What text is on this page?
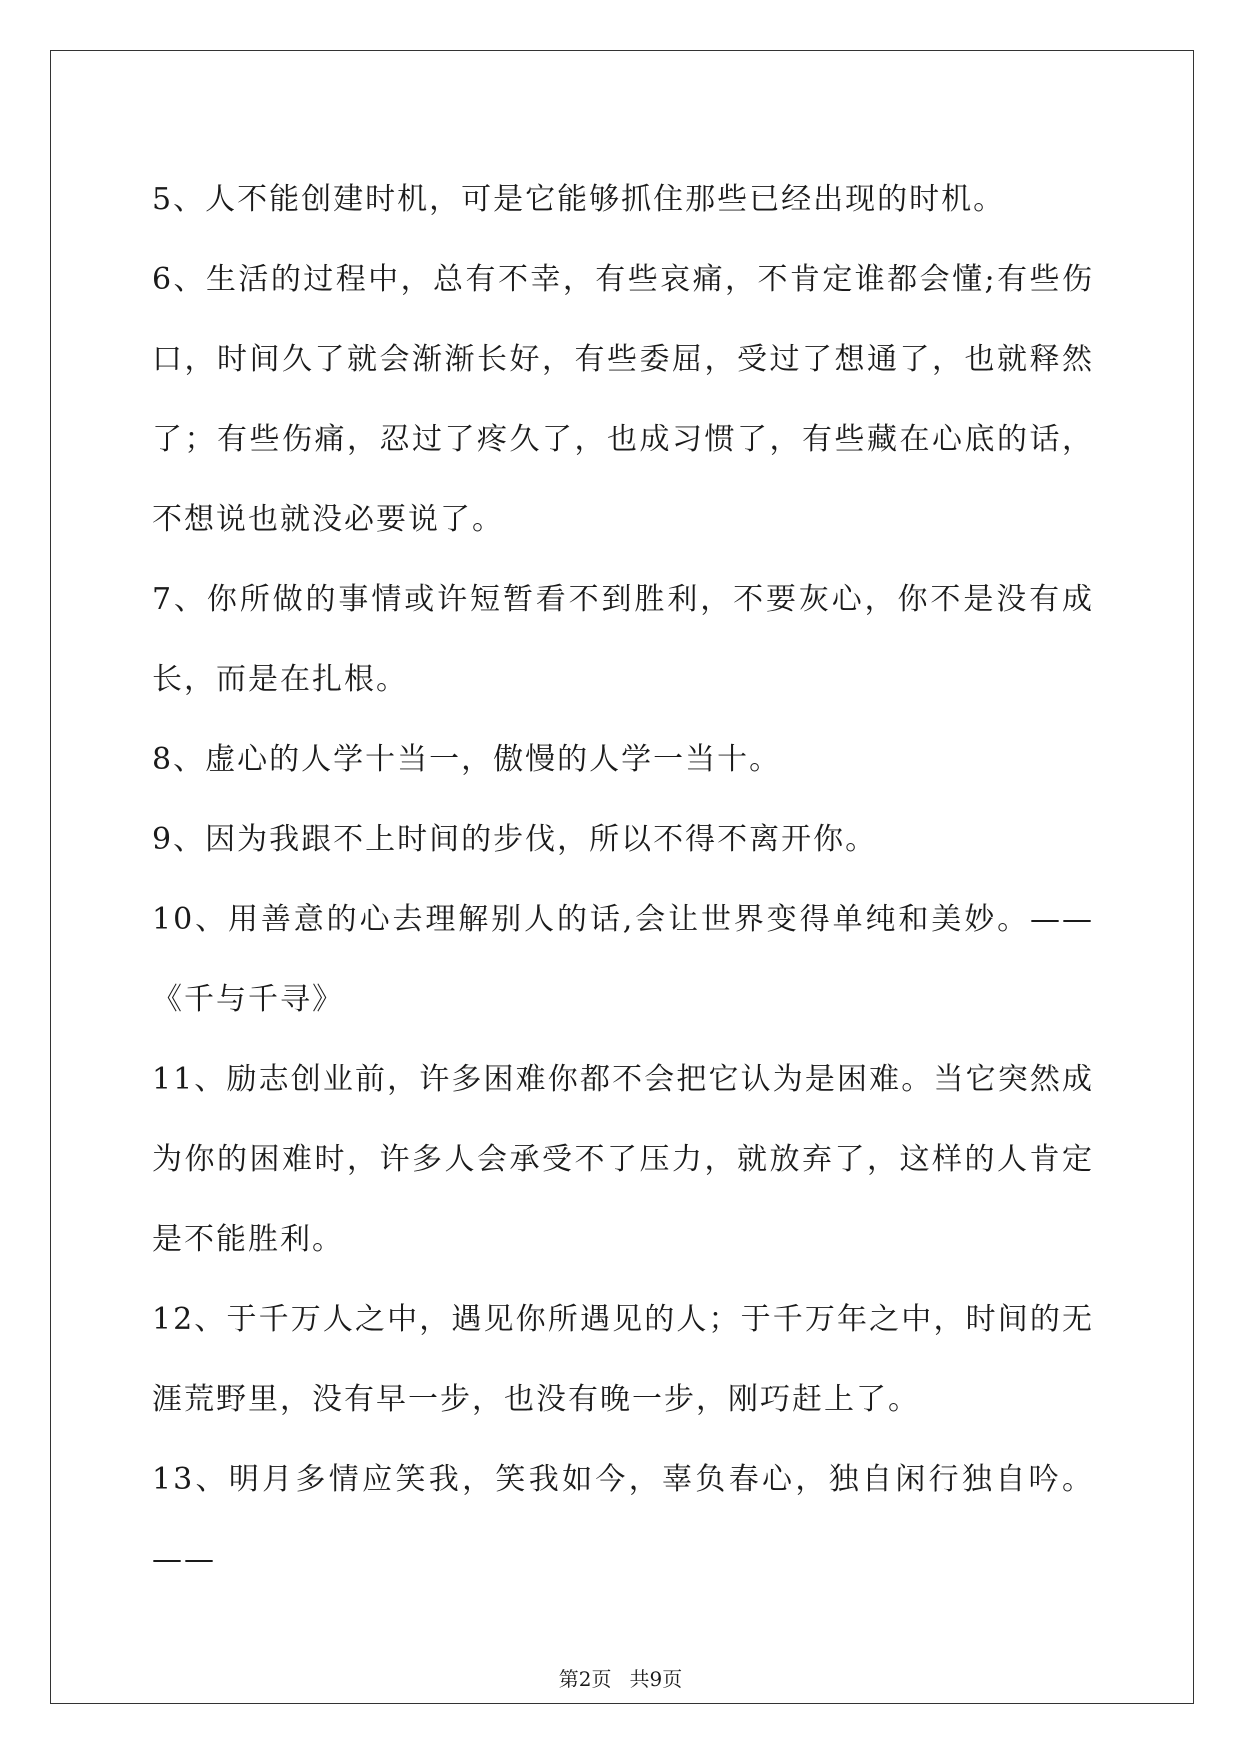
5、人不能创建时机，可是它能够抓住那些已经出现的时机。

6、生活的过程中，总有不幸，有些哀痛，不肯定谁都会懂;有些伤口，时间久了就会渐渐长好，有些委屈，受过了想通了，也就释然了；有些伤痛，忍过了疼久了，也成习惯了，有些藏在心底的话，不想说也就没必要说了。

7、你所做的事情或许短暂看不到胜利，不要灰心，你不是没有成长，而是在扎根。

8、虚心的人学十当一，傲慢的人学一当十。

9、因为我跟不上时间的步伐，所以不得不离开你。

10、用善意的心去理解别人的话,会让世界变得单纯和美妙。——《千与千寻》

11、励志创业前，许多困难你都不会把它认为是困难。当它突然成为你的困难时，许多人会承受不了压力，就放弃了，这样的人肯定是不能胜利。

12、于千万人之中，遇见你所遇见的人；于千万年之中，时间的无涯荒野里，没有早一步，也没有晚一步，刚巧赶上了。

13、明月多情应笑我，笑我如今，辜负春心，独自闲行独自吟。——

第2页 共9页
